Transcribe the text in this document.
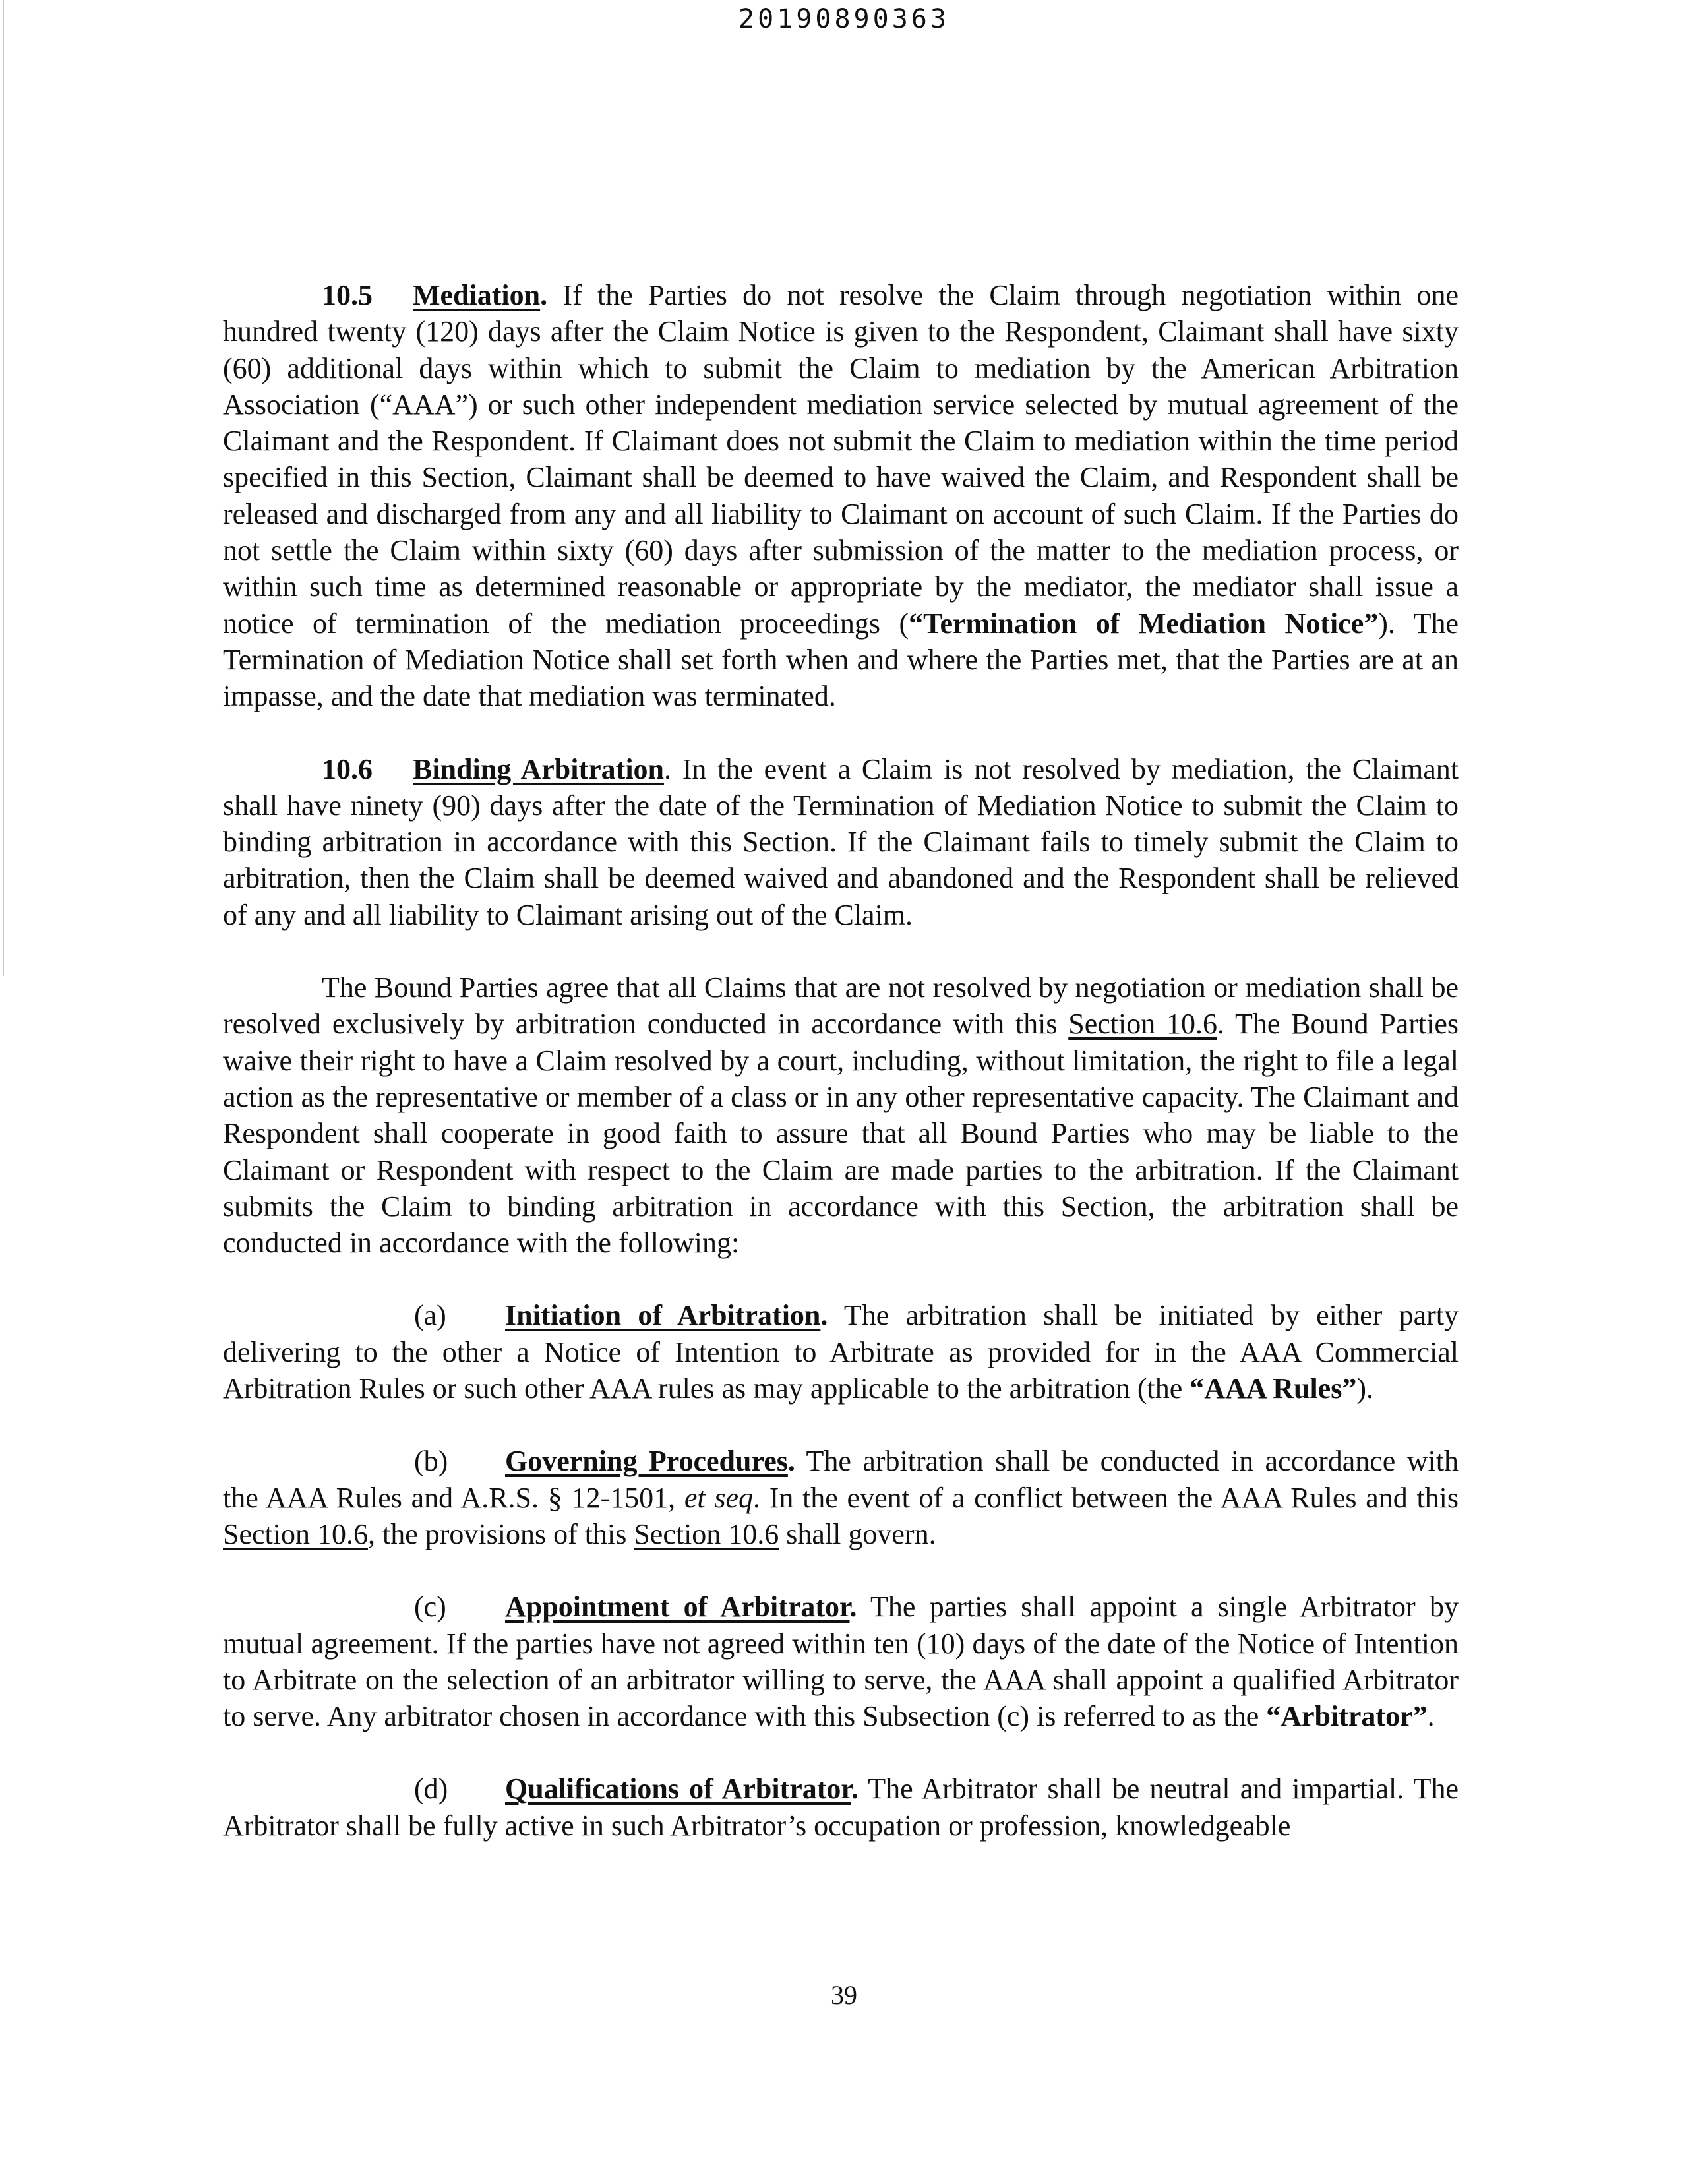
20190890363

10.5 Mediation. If the Parties do not resolve the Claim through negotiation within one hundred twenty (120) days after the Claim Notice is given to the Respondent, Claimant shall have sixty (60) additional days within which to submit the Claim to mediation by the American Arbitration Association (“AAA”) or such other independent mediation service selected by mutual agreement of the Claimant and the Respondent. If Claimant does not submit the Claim to mediation within the time period specified in this Section, Claimant shall be deemed to have waived the Claim, and Respondent shall be released and discharged from any and all liability to Claimant on account of such Claim. If the Parties do not settle the Claim within sixty (60) days after submission of the matter to the mediation process, or within such time as determined reasonable or appropriate by the mediator, the mediator shall issue a notice of termination of the mediation proceedings (“Termination of Mediation Notice”). The Termination of Mediation Notice shall set forth when and where the Parties met, that the Parties are at an impasse, and the date that mediation was terminated.

10.6 Binding Arbitration. In the event a Claim is not resolved by mediation, the Claimant shall have ninety (90) days after the date of the Termination of Mediation Notice to submit the Claim to binding arbitration in accordance with this Section. If the Claimant fails to timely submit the Claim to arbitration, then the Claim shall be deemed waived and abandoned and the Respondent shall be relieved of any and all liability to Claimant arising out of the Claim.

The Bound Parties agree that all Claims that are not resolved by negotiation or mediation shall be resolved exclusively by arbitration conducted in accordance with this Section 10.6. The Bound Parties waive their right to have a Claim resolved by a court, including, without limitation, the right to file a legal action as the representative or member of a class or in any other representative capacity. The Claimant and Respondent shall cooperate in good faith to assure that all Bound Parties who may be liable to the Claimant or Respondent with respect to the Claim are made parties to the arbitration. If the Claimant submits the Claim to binding arbitration in accordance with this Section, the arbitration shall be conducted in accordance with the following:

(a) Initiation of Arbitration. The arbitration shall be initiated by either party delivering to the other a Notice of Intention to Arbitrate as provided for in the AAA Commercial Arbitration Rules or such other AAA rules as may applicable to the arbitration (the “AAA Rules”).

(b) Governing Procedures. The arbitration shall be conducted in accordance with the AAA Rules and A.R.S. § 12-1501, et seq. In the event of a conflict between the AAA Rules and this Section 10.6, the provisions of this Section 10.6 shall govern.

(c) Appointment of Arbitrator. The parties shall appoint a single Arbitrator by mutual agreement. If the parties have not agreed within ten (10) days of the date of the Notice of Intention to Arbitrate on the selection of an arbitrator willing to serve, the AAA shall appoint a qualified Arbitrator to serve. Any arbitrator chosen in accordance with this Subsection (c) is referred to as the “Arbitrator”.

(d) Qualifications of Arbitrator. The Arbitrator shall be neutral and impartial. The Arbitrator shall be fully active in such Arbitrator’s occupation or profession, knowledgeable

39
